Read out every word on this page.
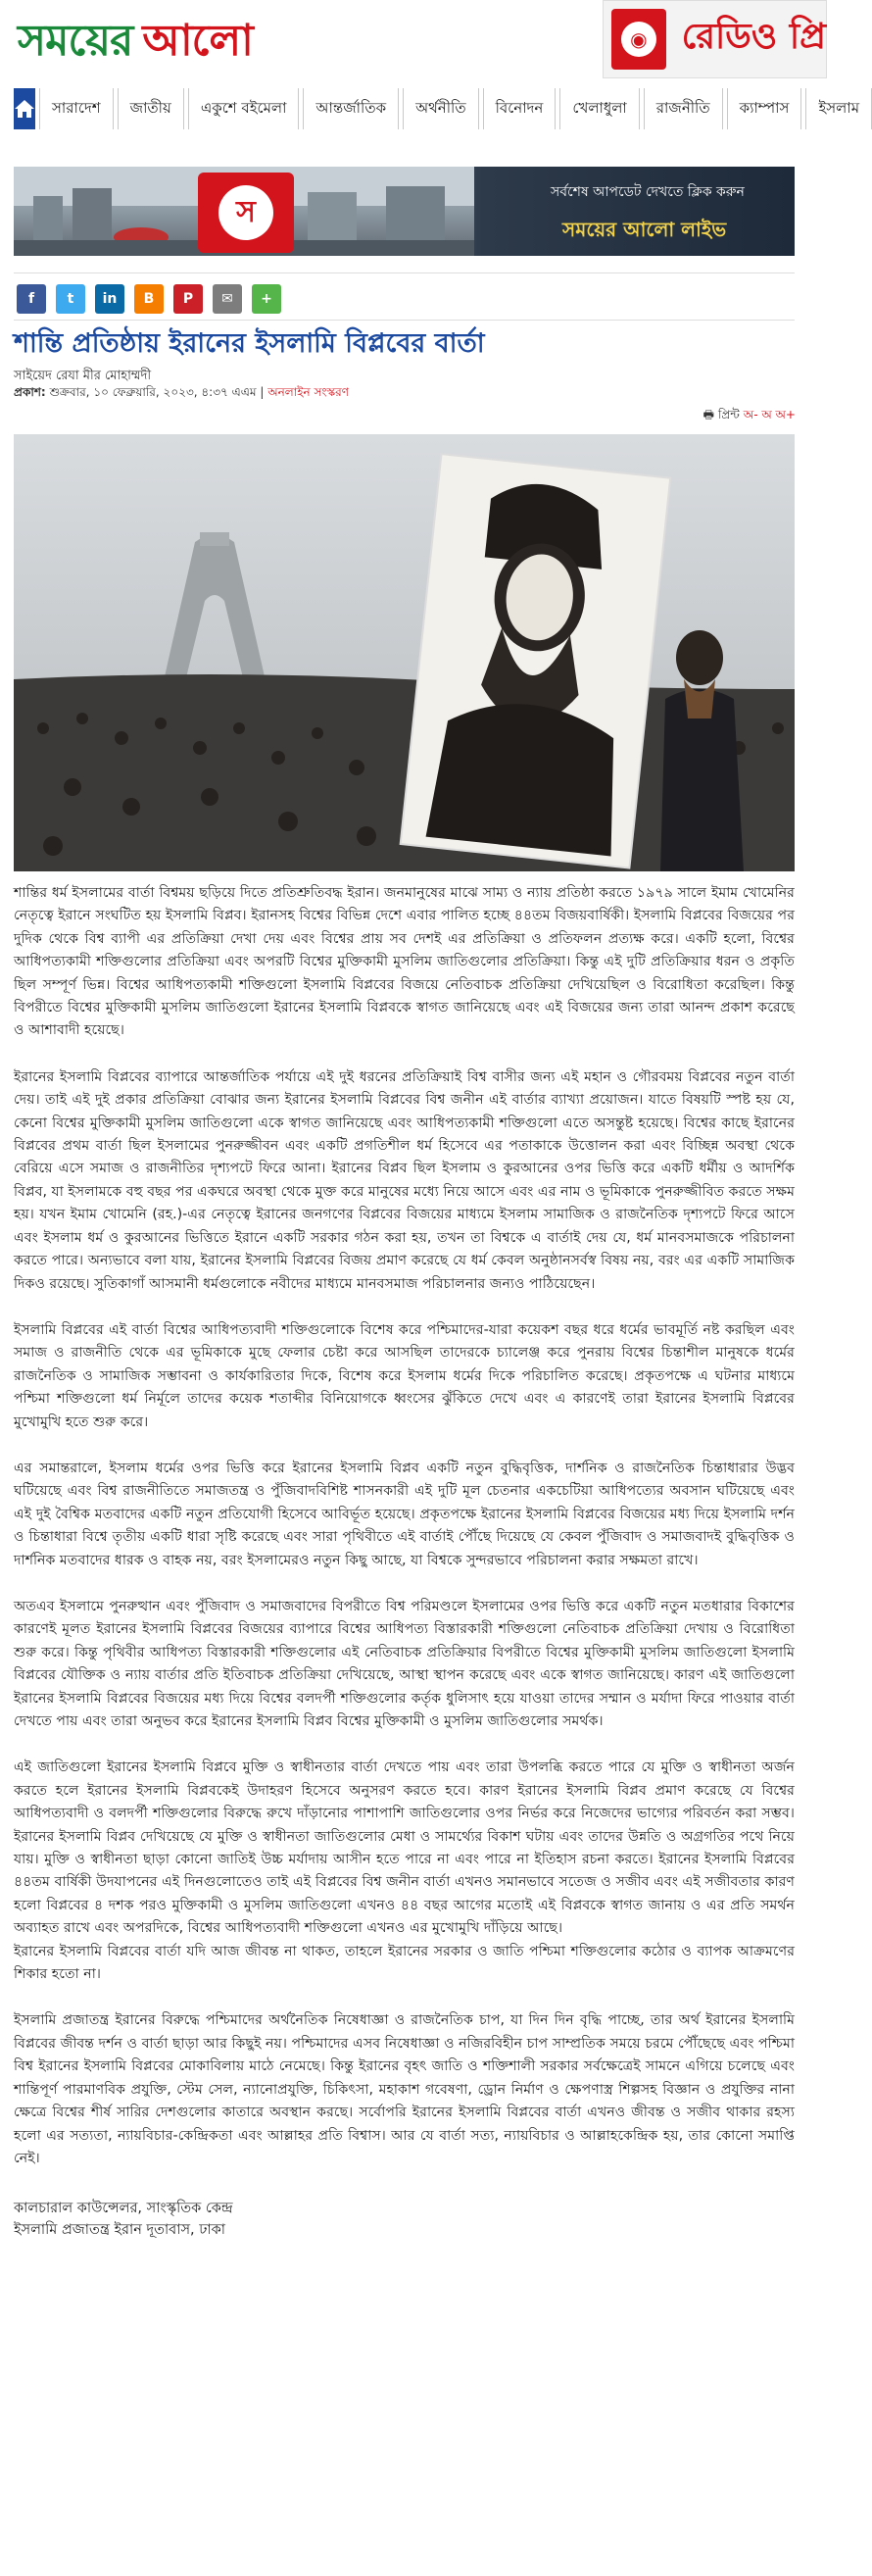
সময়ের আলো	◉ রেডিও প্রি
সারাদেশ	জাতীয়	একুশে বইমেলা	আন্তর্জাতিক	অর্থনীতি	বিনোদন	খেলাধুলা	রাজনীতি	ক্যাম্পাস	ইসলাম
স
সর্বশেষ আপডেট দেখতে ক্লিক করুন
সময়ের আলো লাইভ
f t in B P ✉ +
শান্তি প্রতিষ্ঠায় ইরানের ইসলামি বিপ্লবের বার্তা
সাইয়েদ রেযা মীর মোহাম্মদী
প্রকাশ: শুক্রবার, ১০ ফেব্রুয়ারি, ২০২৩, ৪:৩৭ এএম | অনলাইন সংস্করণ
🖶 প্রিন্ট অ- অ অ+

শান্তির ধর্ম ইসলামের বার্তা বিশ্বময় ছড়িয়ে দিতে প্রতিশ্রুতিবদ্ধ ইরান। জনমানুষের মাঝে সাম্য ও ন্যায় প্রতিষ্ঠা করতে ১৯৭৯ সালে ইমাম খোমেনির নেতৃত্বে ইরানে সংঘটিত হয় ইসলামি বিপ্লব। ইরানসহ বিশ্বের বিভিন্ন দেশে এবার পালিত হচ্ছে ৪৪তম বিজয়বার্ষিকী। ইসলামি বিপ্লবের বিজয়ের পর দুদিক থেকে বিশ্ব ব্যাপী এর প্রতিক্রিয়া দেখা দেয় এবং বিশ্বের প্রায় সব দেশই এর প্রতিক্রিয়া ও প্রতিফলন প্রত্যক্ষ করে। একটি হলো, বিশ্বের আধিপত্যকামী শক্তিগুলোর প্রতিক্রিয়া এবং অপরটি বিশ্বের মুক্তিকামী মুসলিম জাতিগুলোর প্রতিক্রিয়া। কিন্তু এই দুটি প্রতিক্রিয়ার ধরন ও প্রকৃতি ছিল সম্পূর্ণ ভিন্ন। বিশ্বের আধিপত্যকামী শক্তিগুলো ইসলামি বিপ্লবের বিজয়ে নেতিবাচক প্রতিক্রিয়া দেখিয়েছিল ও বিরোধিতা করেছিল। কিন্তু বিপরীতে বিশ্বের মুক্তিকামী মুসলিম জাতিগুলো ইরানের ইসলামি বিপ্লবকে স্বাগত জানিয়েছে এবং এই বিজয়ের জন্য তারা আনন্দ প্রকাশ করেছে ও আশাবাদী হয়েছে।

ইরানের ইসলামি বিপ্লবের ব্যাপারে আন্তর্জাতিক পর্যায়ে এই দুই ধরনের প্রতিক্রিয়াই বিশ্ব বাসীর জন্য এই মহান ও গৌরবময় বিপ্লবের নতুন বার্তা দেয়। তাই এই দুই প্রকার প্রতিক্রিয়া বোঝার জন্য ইরানের ইসলামি বিপ্লবের বিশ্ব জনীন এই বার্তার ব্যাখ্যা প্রয়োজন। যাতে বিষয়টি স্পষ্ট হয় যে, কেনো বিশ্বের মুক্তিকামী মুসলিম জাতিগুলো একে স্বাগত জানিয়েছে এবং আধিপত্যকামী শক্তিগুলো এতে অসন্তুষ্ট হয়েছে। বিশ্বের কাছে ইরানের বিপ্লবের প্রথম বার্তা ছিল ইসলামের পুনরুজ্জীবন এবং একটি প্রগতিশীল ধর্ম হিসেবে এর পতাকাকে উত্তোলন করা এবং বিচ্ছিন্ন অবস্থা থেকে বেরিয়ে এসে সমাজ ও রাজনীতির দৃশ্যপটে ফিরে আনা। ইরানের বিপ্লব ছিল ইসলাম ও কুরআনের ওপর ভিত্তি করে একটি ধর্মীয় ও আদর্শিক বিপ্লব, যা ইসলামকে বহু বছর পর একঘরে অবস্থা থেকে মুক্ত করে মানুষের মধ্যে নিয়ে আসে এবং এর নাম ও ভূমিকাকে পুনরুজ্জীবিত করতে সক্ষম হয়। যখন ইমাম খোমেনি (রহ.)-এর নেতৃত্বে ইরানের জনগণের বিপ্লবের বিজয়ের মাধ্যমে ইসলাম সামাজিক ও রাজনৈতিক দৃশ্যপটে ফিরে আসে এবং ইসলাম ধর্ম ও কুরআনের ভিত্তিতে ইরানে একটি সরকার গঠন করা হয়, তখন তা বিশ্বকে এ বার্তাই দেয় যে, ধর্ম মানবসমাজকে পরিচালনা করতে পারে। অন্যভাবে বলা যায়, ইরানের ইসলামি বিপ্লবের বিজয় প্রমাণ করেছে যে ধর্ম কেবল অনুষ্ঠানসর্বস্ব বিষয় নয়, বরং এর একটি সামাজিক দিকও রয়েছে। সুতিকাগাঁ আসমানী ধর্মগুলোকে নবীদের মাধ্যমে মানবসমাজ পরিচালনার জন্যও পাঠিয়েছেন।

ইসলামি বিপ্লবের এই বার্তা বিশ্বের আধিপত্যবাদী শক্তিগুলোকে বিশেষ করে পশ্চিমাদের-যারা কয়েকশ বছর ধরে ধর্মের ভাবমূর্তি নষ্ট করছিল এবং সমাজ ও রাজনীতি থেকে এর ভূমিকাকে মুছে ফেলার চেষ্টা করে আসছিল তাদেরকে চ্যালেঞ্জ করে পুনরায় বিশ্বের চিন্তাশীল মানুষকে ধর্মের রাজনৈতিক ও সামাজিক সম্ভাবনা ও কার্যকারিতার দিকে, বিশেষ করে ইসলাম ধর্মের দিকে পরিচালিত করেছে। প্রকৃতপক্ষে এ ঘটনার মাধ্যমে পশ্চিমা শক্তিগুলো ধর্ম নির্মূলে তাদের কয়েক শতাব্দীর বিনিয়োগকে ধ্বংসের ঝুঁকিতে দেখে এবং এ কারণেই তারা ইরানের ইসলামি বিপ্লবের মুখোমুখি হতে শুরু করে।

এর সমান্তরালে, ইসলাম ধর্মের ওপর ভিত্তি করে ইরানের ইসলামি বিপ্লব একটি নতুন বুদ্ধিবৃত্তিক, দার্শনিক ও রাজনৈতিক চিন্তাধারার উদ্ভব ঘটিয়েছে এবং বিশ্ব রাজনীতিতে সমাজতন্ত্র ও পুঁজিবাদবিশিষ্ট শাসনকারী এই দুটি মূল চেতনার একচেটিয়া আধিপত্যের অবসান ঘটিয়েছে এবং এই দুই বৈশ্বিক মতবাদের একটি নতুন প্রতিযোগী হিসেবে আবির্ভূত হয়েছে। প্রকৃতপক্ষে ইরানের ইসলামি বিপ্লবের বিজয়ের মধ্য দিয়ে ইসলামি দর্শন ও চিন্তাধারা বিশ্বে তৃতীয় একটি ধারা সৃষ্টি করেছে এবং সারা পৃথিবীতে এই বার্তাই পৌঁছে দিয়েছে যে কেবল পুঁজিবাদ ও সমাজবাদই বুদ্ধিবৃত্তিক ও দার্শনিক মতবাদের ধারক ও বাহক নয়, বরং ইসলামেরও নতুন কিছু আছে, যা বিশ্বকে সুন্দরভাবে পরিচালনা করার সক্ষমতা রাখে।

অতএব ইসলামে পুনরুত্থান এবং পুঁজিবাদ ও সমাজবাদের বিপরীতে বিশ্ব পরিমণ্ডলে ইসলামের ওপর ভিত্তি করে একটি নতুন মতধারার বিকাশের কারণেই মূলত ইরানের ইসলামি বিপ্লবের বিজয়ের ব্যাপারে বিশ্বের আধিপত্য বিস্তারকারী শক্তিগুলো নেতিবাচক প্রতিক্রিয়া দেখায় ও বিরোধিতা শুরু করে। কিন্তু পৃথিবীর আধিপত্য বিস্তারকারী শক্তিগুলোর এই নেতিবাচক প্রতিক্রিয়ার বিপরীতে বিশ্বের মুক্তিকামী মুসলিম জাতিগুলো ইসলামি বিপ্লবের যৌক্তিক ও ন্যায় বার্তার প্রতি ইতিবাচক প্রতিক্রিয়া দেখিয়েছে, আস্থা স্থাপন করেছে এবং একে স্বাগত জানিয়েছে। কারণ এই জাতিগুলো ইরানের ইসলামি বিপ্লবের বিজয়ের মধ্য দিয়ে বিশ্বের বলদর্পী শক্তিগুলোর কর্তৃক ধুলিসাৎ হয়ে যাওয়া তাদের সম্মান ও মর্যাদা ফিরে পাওয়ার বার্তা দেখতে পায় এবং তারা অনুভব করে ইরানের ইসলামি বিপ্লব বিশ্বের মুক্তিকামী ও মুসলিম জাতিগুলোর সমর্থক।

এই জাতিগুলো ইরানের ইসলামি বিপ্লবে মুক্তি ও স্বাধীনতার বার্তা দেখতে পায় এবং তারা উপলব্ধি করতে পারে যে মুক্তি ও স্বাধীনতা অর্জন করতে হলে ইরানের ইসলামি বিপ্লবকেই উদাহরণ হিসেবে অনুসরণ করতে হবে। কারণ ইরানের ইসলামি বিপ্লব প্রমাণ করেছে যে বিশ্বের আধিপত্যবাদী ও বলদর্পী শক্তিগুলোর বিরুদ্ধে রুখে দাঁড়ানোর পাশাপাশি জাতিগুলোর ওপর নির্ভর করে নিজেদের ভাগ্যের পরিবর্তন করা সম্ভব। ইরানের ইসলামি বিপ্লব দেখিয়েছে যে মুক্তি ও স্বাধীনতা জাতিগুলোর মেধা ও সামর্থ্যের বিকাশ ঘটায় এবং তাদের উন্নতি ও অগ্রগতির পথে নিয়ে যায়। মুক্তি ও স্বাধীনতা ছাড়া কোনো জাতিই উচ্চ মর্যাদায় আসীন হতে পারে না এবং পারে না ইতিহাস রচনা করতে। ইরানের ইসলামি বিপ্লবের ৪৪তম বার্ষিকী উদযাপনের এই দিনগুলোতেও তাই এই বিপ্লবের বিশ্ব জনীন বার্তা এখনও সমানভাবে সতেজ ও সজীব এবং এই সজীবতার কারণ হলো বিপ্লবের ৪ দশক পরও মুক্তিকামী ও মুসলিম জাতিগুলো এখনও ৪৪ বছর আগের মতোই এই বিপ্লবকে স্বাগত জানায় ও এর প্রতি সমর্থন অব্যাহত রাখে এবং অপরদিকে, বিশ্বের আধিপত্যবাদী শক্তিগুলো এখনও এর মুখোমুখি দাঁড়িয়ে আছে।

ইরানের ইসলামি বিপ্লবের বার্তা যদি আজ জীবন্ত না থাকত, তাহলে ইরানের সরকার ও জাতি পশ্চিমা শক্তিগুলোর কঠোর ও ব্যাপক আক্রমণের শিকার হতো না।

ইসলামি প্রজাতন্ত্র ইরানের বিরুদ্ধে পশ্চিমাদের অর্থনৈতিক নিষেধাজ্ঞা ও রাজনৈতিক চাপ, যা দিন দিন বৃদ্ধি পাচ্ছে, তার অর্থ ইরানের ইসলামি বিপ্লবের জীবন্ত দর্শন ও বার্তা ছাড়া আর কিছুই নয়। পশ্চিমাদের এসব নিষেধাজ্ঞা ও নজিরবিহীন চাপ সাম্প্রতিক সময়ে চরমে পৌঁছেছে এবং পশ্চিমা বিশ্ব ইরানের ইসলামি বিপ্লবের মোকাবিলায় মাঠে নেমেছে। কিন্তু ইরানের বৃহৎ জাতি ও শক্তিশালী সরকার সর্বক্ষেত্রেই সামনে এগিয়ে চলেছে এবং শান্তিপূর্ণ পারমাণবিক প্রযুক্তি, স্টেম সেল, ন্যানোপ্রযুক্তি, চিকিৎসা, মহাকাশ গবেষণা, ড্রোন নির্মাণ ও ক্ষেপণাস্ত্র শিল্পসহ বিজ্ঞান ও প্রযুক্তির নানা ক্ষেত্রে বিশ্বের শীর্ষ সারির দেশগুলোর কাতারে অবস্থান করছে। সর্বোপরি ইরানের ইসলামি বিপ্লবের বার্তা এখনও জীবন্ত ও সজীব থাকার রহস্য হলো এর সত্যতা, ন্যায়বিচার-কেন্দ্রিকতা এবং আল্লাহর প্রতি বিশ্বাস। আর যে বার্তা সত্য, ন্যায়বিচার ও আল্লাহকেন্দ্রিক হয়, তার কোনো সমাপ্তি নেই।

কালচারাল কাউন্সেলর, সাংস্কৃতিক কেন্দ্র
ইসলামি প্রজাতন্ত্র ইরান দূতাবাস, ঢাকা
